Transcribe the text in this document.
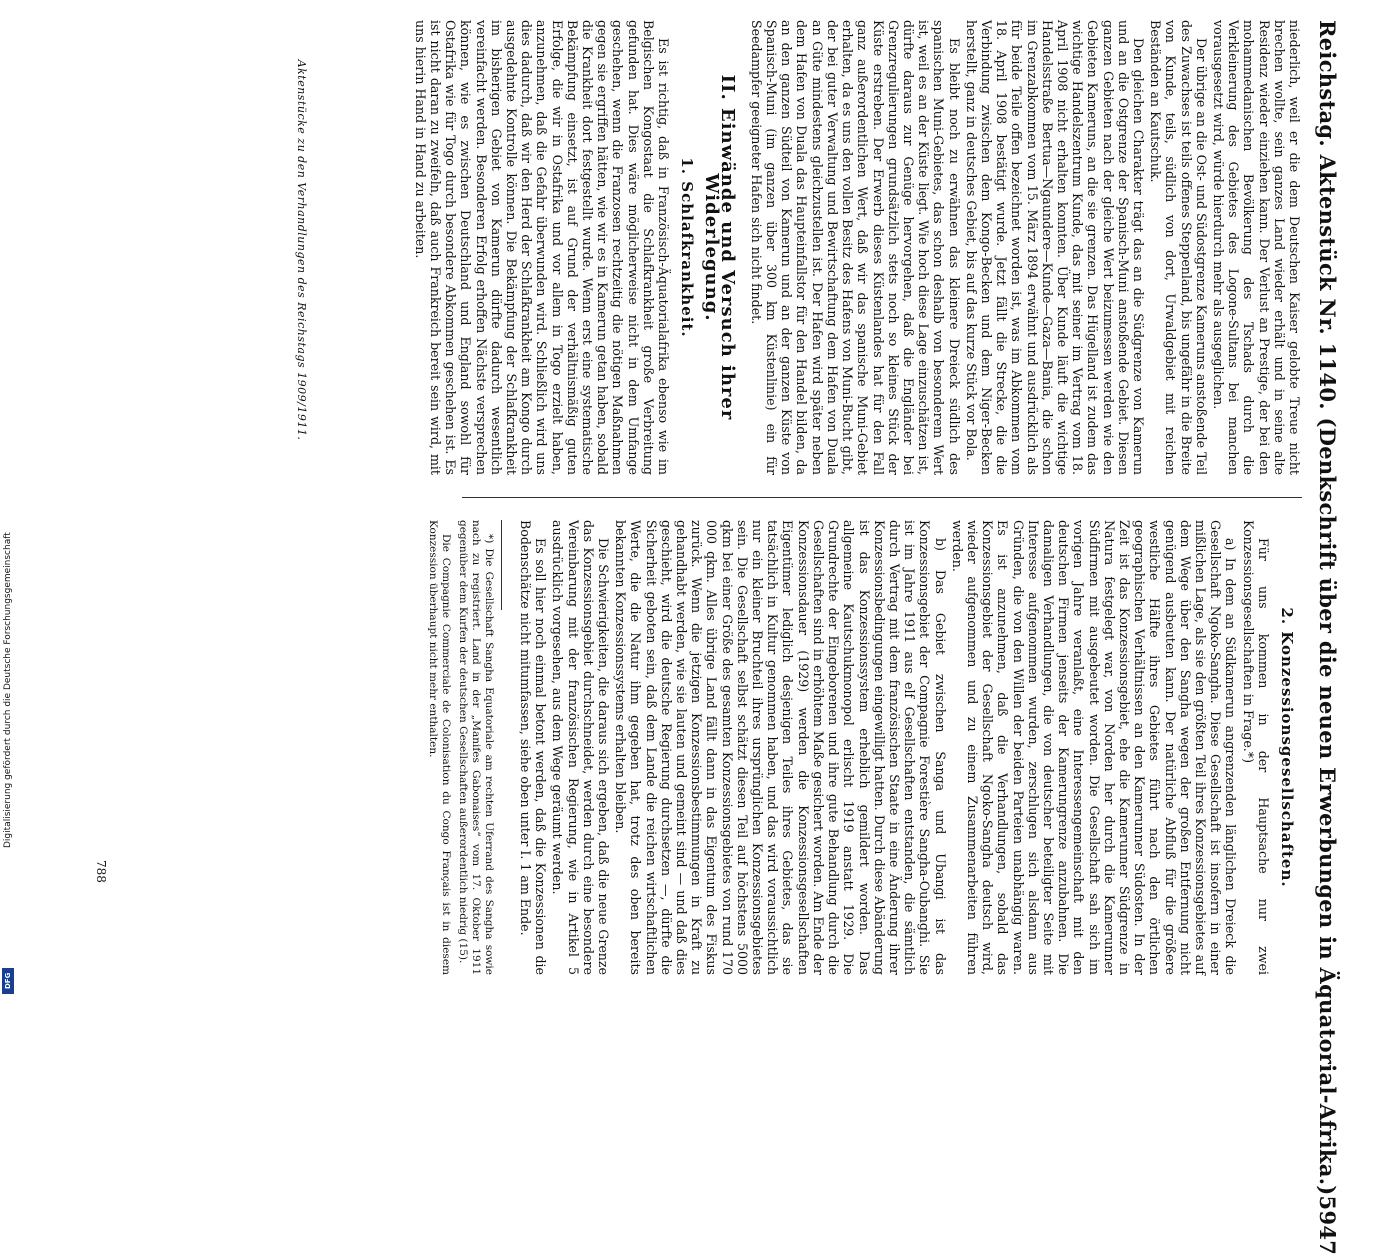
Digitalisierung gefördert durch die Deutsche Forschungsgemeinschaft
DFG	Reichstag. Aktenstück Nr. 1140. (Denkschrift über die neuen Erwerbungen in Äquatorial-Afrika.)
5947

niederlich, weil er die dem Deutschen Kaiser gelobte Treue nicht brechen wollte, sein ganzes Land wieder erhält und in seine alte Residenz wieder einziehen kann. Der Verlust an Prestige, der bei den mohammedanischen Bevölkerung des Tschads durch die Verkleinerung des Gebietes des Logone-Sultans bei manchen vorausgesetzt wird, würde hierdurch mehr als ausgeglichen.

Der übrige an die Ost- und Südostgrenze Kameruns anstoßende Teil des Zuwachses ist teils offenes Steppenland, bis ungefähr in die Breite von Kunde, teils, südlich von dort, Urwaldgebiet mit reichen Beständen an Kautschuk.

Den gleichen Charakter trägt das an die Südgrenze von Kamerun und an die Ostgrenze der Spanisch-Muni anstoßende Gebiet. Diesen ganzen Gebieten nach der gleiche Wert beizumessen werden wie den Gebieten Kameruns, an die sie grenzen. Das Hügelland ist zudem das wichtige Handelszentrum Kunde, das mit seiner im Vertrag vom 18. April 1908 nicht erhalten konnten. Über Kunde läuft die wichtige Handelsstraße Bertua—Ngaundere—Kunde—Gaza—Bania, die schon im Grenzabkommen vom 15. März 1894 erwähnt und ausdrücklich als für beide Teile offen bezeichnet worden ist, was im Abkommen vom 18. April 1908 bestätigt wurde. Jetzt fällt die Strecke, die die Verbindung zwischen dem Kongo-Becken und dem Niger-Becken herstellt, ganz in deutsches Gebiet, bis auf das kurze Stück vor Bola.

Es bleibt noch zu erwähnen das kleinere Dreieck südlich des spanischen Muni-Gebietes, das schon deshalb von besonderem Wert ist, weil es an der Küste liegt. Wie hoch diese Lage einzuschätzen ist, dürfte daraus zur Genüge hervorgehen, daß die Engländer bei Grenzregulierungen grundsätzlich stets noch so kleines Stück der Küste erstreben. Der Erwerb dieses Küstenlandes hat für den Fall ganz außerordentlichen Wert, daß wir das spanische Muni-Gebiet erhalten, da es uns den vollen Besitz des Hafens von Muni-Bucht gibt, der bei guter Verwaltung und Bewirtschaftung dem Hafen von Duala an Güte mindestens gleichzustellen ist. Der Hafen wird später neben dem Hafen von Duala das Haupteinfallstor für den Handel bilden, da an den ganzen Südteil von Kamerun und an der ganzen Küste von Spanisch-Muni (im ganzen über 300 km Küstenlinie) ein für Seedampfer geeigneter Hafen sich nicht findet.

II. Einwände und Versuch ihrer Widerlegung.
1. Schlafkrankheit.

Es ist richtig, daß in Französisch-Äquatorialafrika ebenso wie im Belgischen Kongostaat die Schlafkrankheit große Verbreitung gefunden hat. Dies wäre möglicherweise nicht in dem Umfange geschehen, wenn die Franzosen rechtzeitig die nötigen Maßnahmen gegen sie ergriffen hätten, wie wir es in Kamerun getan haben, sobald die Krankheit dort festgestellt wurde. Wenn erst eine systematische Bekämpfung einsetzt, ist auf Grund der verhältnismäßig guten Erfolge, die wir in Ostafrika und vor allem in Togo erzielt haben, anzunehmen, daß die Gefahr überwunden wird. Schließlich wird uns dies dadurch, daß wir den Herd der Schlafkrankheit am Kongo durch ausgedehnte Kontrolle können. Die Bekämpfung der Schlafkrankheit im bisherigen Gebiet von Kamerun dürfte dadurch wesentlich vereinfacht werden. Besonderen Erfolg erhoffen Nächste versprechen können, wie es zwischen Deutschland und England sowohl für Ostafrika wie für Togo durch besondere Abkommen geschehen ist. Es ist nicht daran zu zweifeln, daß auch Frankreich bereit sein wird, mit uns hierin Hand in Hand zu arbeiten.

2. Konzessionsgesellschaften.

Für uns kommen in der Hauptsache nur zwei Konzessionsgesellschaften in Frage.*)

a) In dem an Südkamerun angrenzenden länglichen Dreieck die Gesellschaft Ngoko-Sangha. Diese Gesellschaft ist insofern in einer mißlichen Lage, als sie den größten Teil ihres Konzessionsgebietes auf dem Wege über den Sangha wegen der großen Entfernung nicht genügend ausbeuten kann. Der natürliche Abfluß für die größere westliche Hälfte ihres Gebietes führt nach den örtlichen geographischen Verhältnissen an den Kamerunner Südosten. In der Zeit ist das Konzessionsgebiet, ehe die Kamerunner Südgrenze in Natura festgelegt war, von Norden her durch die Kamerunner Südfirmen mit ausgebeutet worden. Die Gesellschaft sah sich im vorigen Jahre veranlaßt, eine Interessengemeinschaft mit den deutschen Firmen jenseits der Kamerungrenze anzubahnen. Die damaligen Verhandlungen, die von deutscher beteiligter Seite mit Interesse aufgenommen wurden, zerschlugen sich alsdann aus Gründen, die von den Willen der beiden Parteien unabhängig waren. Es ist anzunehmen, daß die Verhandlungen, sobald das Konzessionsgebiet der Gesellschaft Ngoko-Sangha deutsch wird, wieder aufgenommen und zu einem Zusammenarbeiten führen werden.

b) Das Gebiet zwischen Sanga und Ubangi ist das Konzessionsgebiet der Compagnie Forestière Sangha-Oubanghi. Sie ist im Jahre 1911 aus elf Gesellschaften entstanden, die sämtlich durch Vertrag mit dem französischen Staate in eine Änderung ihrer Konzessionsbedingungen eingewilligt hatten. Durch diese Abänderung ist das Konzessionssystem erheblich gemildert worden. Das allgemeine Kautschukmonopol erlischt 1919 anstatt 1929. Die Grundrechte der Eingeborenen und ihre gute Behandlung durch die Gesellschaften sind in erhöhtem Maße gesichert worden. Am Ende der Konzessionsdauer (1929) werden die Konzessionsgesellschaften Eigentümer lediglich desjenigen Teiles ihres Gebietes, das sie tatsächlich in Kultur genommen haben, und das wird voraussichtlich nur ein kleiner Bruchteil ihres ursprünglichen Konzessionsgebietes sein. Die Gesellschaft selbst schätzt diesen Teil auf höchstens 5000 qkm bei einer Größe des gesamten Konzessionsgebietes von rund 170 000 qkm. Alles übrige Land fällt dann in das Eigentum des Fiskus zurück. Wenn die jetzigen Konzessionsbestimmungen in Kraft zu gehandhabt werden, wie sie lauten und gemeint sind — und daß dies geschieht, wird die deutsche Regierung durchsetzen —, dürfte die Sicherheit geboten sein, daß dem Lande die reichen wirtschaftlichen Werte, die die Natur ihm gegeben hat, trotz des oben bereits bekannten Konzessionssystems erhalten bleiben.

Die Schwierigkeiten, die daraus sich ergeben, daß die neue Grenze das Konzessionsgebiet durchschneidet, werden durch eine besondere Vereinbarung mit der französischen Regierung, wie in Artikel 5 ausdrücklich vorgesehen, aus dem Wege geräumt werden.

Es soll hier noch einmal betont werden, daß die Konzessionen die Bodenschätze nicht mitumfassen, siehe oben unter I. 1 am Ende.

*) Die Gesellschaft Sangha Equatoriale am rechten Uferrand des Sangha sowie nach zu registriert. Land in der „Manifes Gabonaises“ vom 17. Oktober 1911 gegenüber dem Kurfen der deutschen Gesellschaften außerordentlich niedrig (15).

Die Compagnie Commerciale de Colonisation du Congo Français ist in diesem Konzession überhaupt nicht mehr enthalten.

Aktenstücke zu den Verhandlungen des Reichstags 1909/1911.
788
